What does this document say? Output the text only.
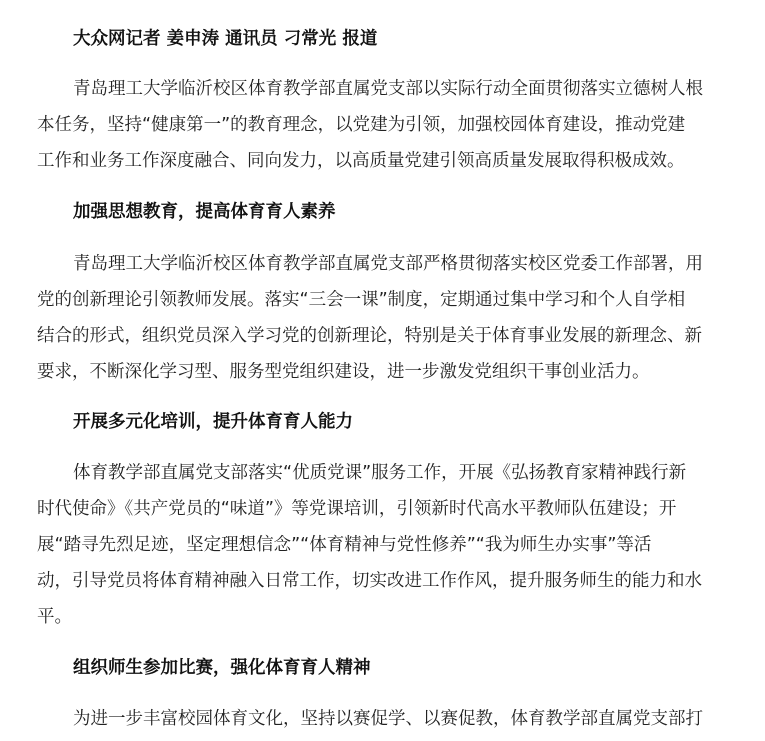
大众网记者 姜申涛 通讯员 刁常光 报道
青岛理工大学临沂校区体育教学部直属党支部以实际行动全面贯彻落实立德树人根
本任务，坚持“健康第一”的教育理念，以党建为引领，加强校园体育建设，推动党建
工作和业务工作深度融合、同向发力，以高质量党建引领高质量发展取得积极成效。
加强思想教育，提高体育育人素养
青岛理工大学临沂校区体育教学部直属党支部严格贯彻落实校区党委工作部署，用
党的创新理论引领教师发展。落实“三会一课”制度，定期通过集中学习和个人自学相
结合的形式，组织党员深入学习党的创新理论，特别是关于体育事业发展的新理念、新
要求，不断深化学习型、服务型党组织建设，进一步激发党组织干事创业活力。
开展多元化培训，提升体育育人能力
体育教学部直属党支部落实“优质党课”服务工作，开展《弘扬教育家精神践行新
时代使命》《共产党员的“味道”》等党课培训，引领新时代高水平教师队伍建设；开
展“踏寻先烈足迹，坚定理想信念”“体育精神与党性修养”“我为师生办实事”等活
动，引导党员将体育精神融入日常工作，切实改进工作作风，提升服务师生的能力和水
平。
组织师生参加比赛，强化体育育人精神
为进一步丰富校园体育文化，坚持以赛促学、以赛促教，体育教学部直属党支部打
